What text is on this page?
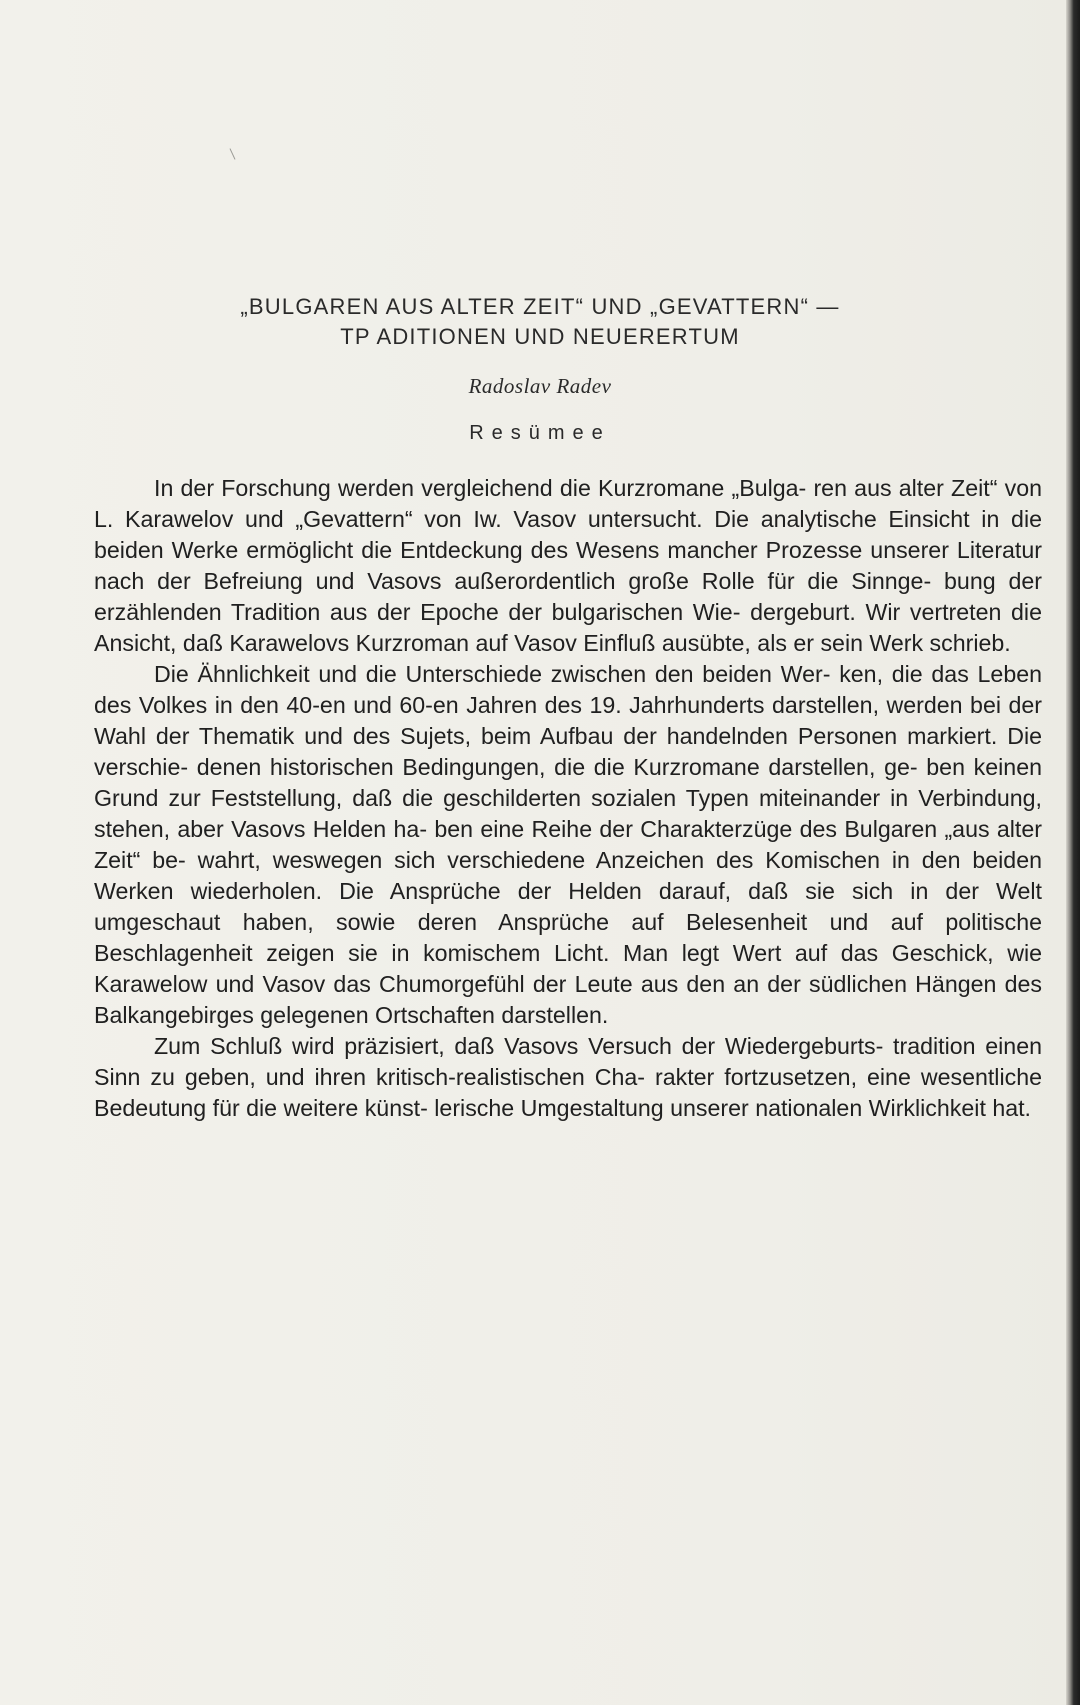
„BULGAREN AUS ALTER ZEIT“ UND „GEVATTERN“ —
TP ADITIONEN UND NEUERERTUM
Radoslav Radev
Resümee

In der Forschung werden vergleichend die Kurzromane „Bulga- ren aus alter Zeit“ von L. Karawelov und „Gevattern“ von Iw. Vasov untersucht. Die analytische Einsicht in die beiden Werke ermöglicht die Entdeckung des Wesens mancher Prozesse unserer Literatur nach der Befreiung und Vasovs außerordentlich große Rolle für die Sinnge- bung der erzählenden Tradition aus der Epoche der bulgarischen Wie- dergeburt. Wir vertreten die Ansicht, daß Karawelovs Kurzroman auf Vasov Einfluß ausübte, als er sein Werk schrieb.

Die Ähnlichkeit und die Unterschiede zwischen den beiden Wer- ken, die das Leben des Volkes in den 40-en und 60-en Jahren des 19. Jahrhunderts darstellen, werden bei der Wahl der Thematik und des Sujets, beim Aufbau der handelnden Personen markiert. Die verschie- denen historischen Bedingungen, die die Kurzromane darstellen, ge- ben keinen Grund zur Feststellung, daß die geschilderten sozialen Typen miteinander in Verbindung, stehen, aber Vasovs Helden ha- ben eine Reihe der Charakterzüge des Bulgaren „aus alter Zeit“ be- wahrt, weswegen sich verschiedene Anzeichen des Komischen in den beiden Werken wiederholen. Die Ansprüche der Helden darauf, daß sie sich in der Welt umgeschaut haben, sowie deren Ansprüche auf Belesenheit und auf politische Beschlagenheit zeigen sie in komischem Licht. Man legt Wert auf das Geschick, wie Karawelow und Vasov das Chumorgefühl der Leute aus den an der südlichen Hängen des Balkangebirges gelegenen Ortschaften darstellen.

Zum Schluß wird präzisiert, daß Vasovs Versuch der Wiedergeburts- tradition einen Sinn zu geben, und ihren kritisch-realistischen Cha- rakter fortzusetzen, eine wesentliche Bedeutung für die weitere künst- lerische Umgestaltung unserer nationalen Wirklichkeit hat.
